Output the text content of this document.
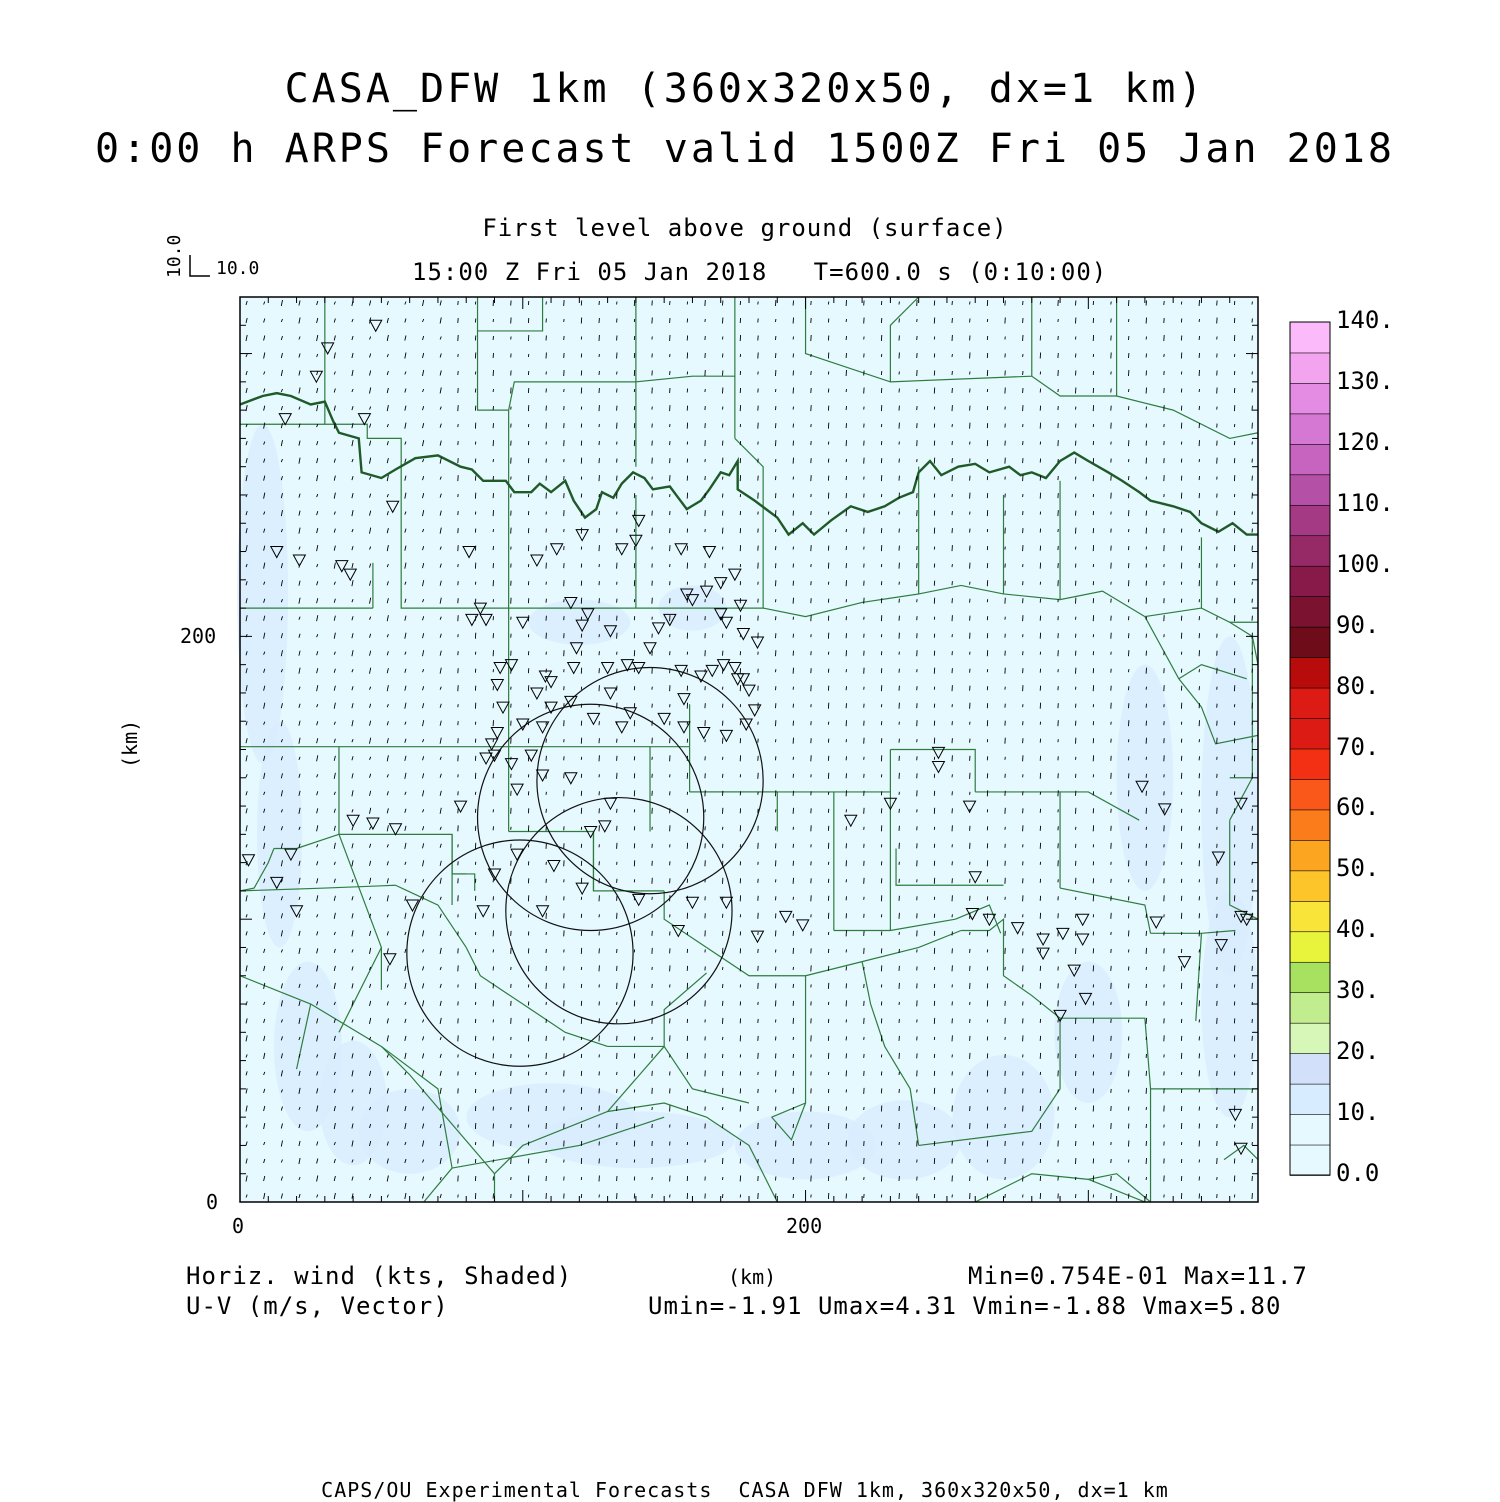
CASA_DFW 1km (360x320x50, dx=1 km)
0:00 h ARPS Forecast valid 1500Z Fri 05 Jan 2018
First level above ground (surface)
15:00 Z Fri 05 Jan 2018   T=600.0 s (0:10:00)
10.0
10.0
(km)
(km)
0	200
0
200
0.0
10.
20.
30.
40.
50.
60.
70.
80.
90.
100.
110.
120.
130.
140.
Horiz. wind (kts, Shaded)
U-V (m/s, Vector)
Min=0.754E-01 Max=11.7
Umin=-1.91 Umax=4.31 Vmin=-1.88 Vmax=5.80
CAPS/OU Experimental Forecasts  CASA DFW 1km, 360x320x50, dx=1 km
